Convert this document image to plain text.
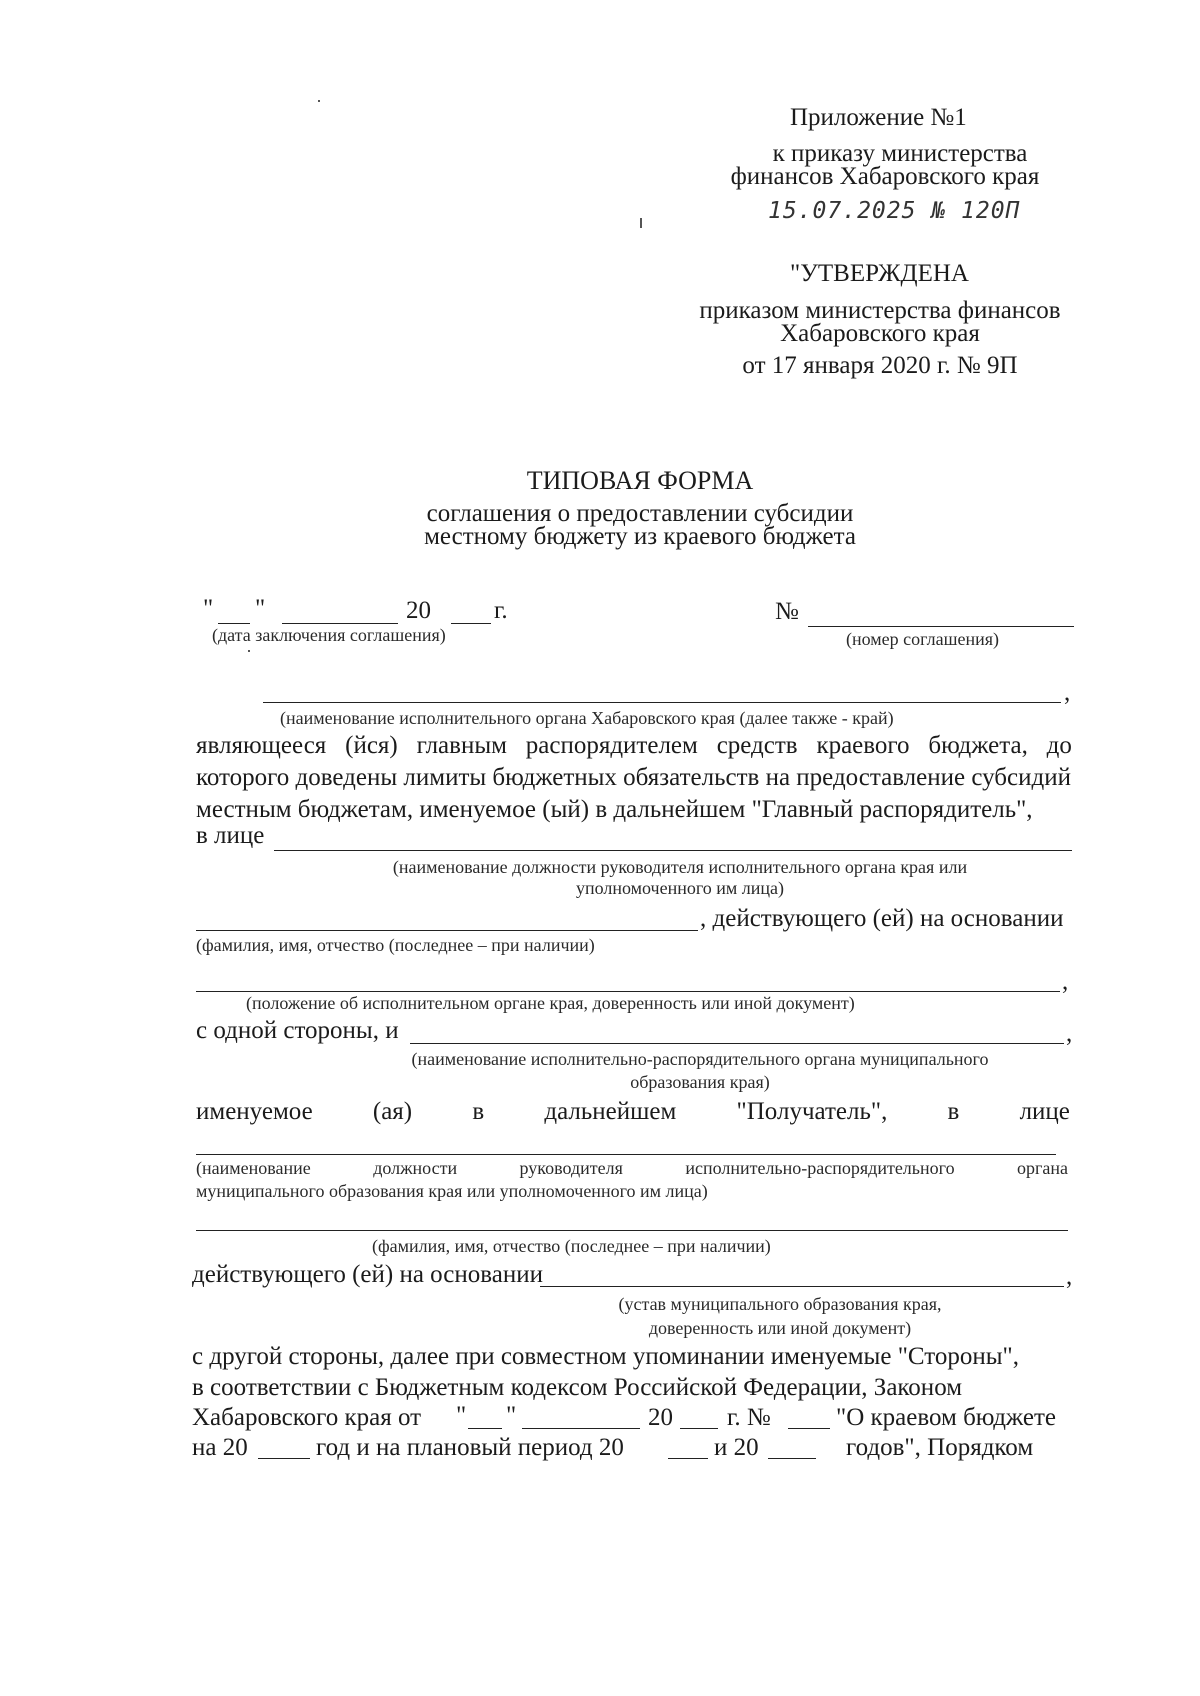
Приложение №1
к приказу министерства
финансов Хабаровского края
15.07.2025 № 120П
"УТВЕРЖДЕНА
приказом министерства финансов
Хабаровского края
от 17 января 2020 г. № 9П
ТИПОВАЯ ФОРМА
соглашения о предоставлении субсидии
местному бюджету из краевого бюджета
" "	20	г.
(дата заключения соглашения)
№
(номер соглашения)
,
(наименование исполнительного органа Хабаровского края (далее также - край)
являющееся (йся) главным распорядителем средств краевого бюджета, до
которого доведены лимиты бюджетных обязательств на предоставление субсидий
местным бюджетам, именуемое (ый) в дальнейшем "Главный распорядитель",
в лице
(наименование должности руководителя исполнительного органа края или
уполномоченного им лица)
, действующего (ей) на основании
(фамилия, имя, отчество (последнее – при наличии)
,
(положение об исполнительном органе края, доверенность или иной документ)
с одной стороны, и	,
(наименование исполнительно-распорядительного органа муниципального
образования края)
именуемое (ая) в дальнейшем "Получатель", в лице
(наименование	должности	руководителя	исполнительно-распорядительного	органа
муниципального образования края или уполномоченного им лица)
(фамилия, имя, отчество (последнее – при наличии)
действующего (ей) на основании	,
(устав муниципального образования края,
доверенность или иной документ)
с другой стороны, далее при совместном упоминании именуемые "Стороны",
в соответствии с Бюджетным кодексом Российской Федерации, Законом
Хабаровского края от " "	20 г. №	"О краевом бюджете
на 20	год и на плановый период 20	и 20	годов", Порядком
